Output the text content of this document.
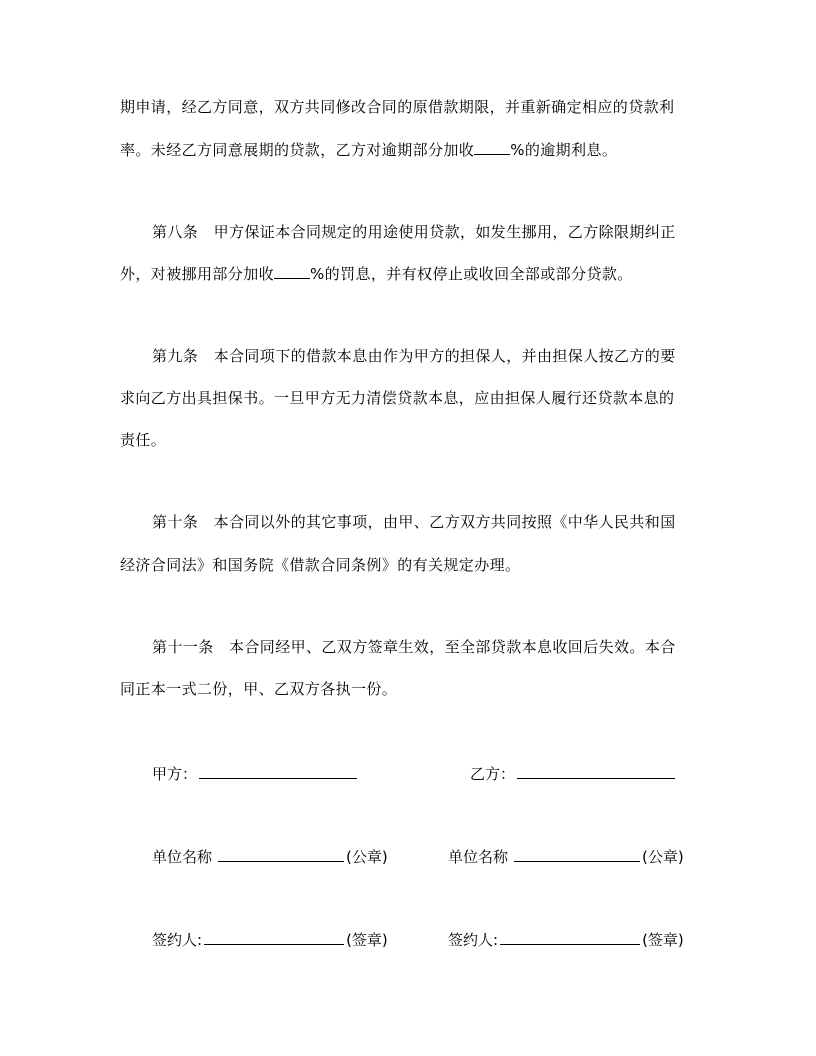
期申请，经乙方同意，双方共同修改合同的原借款期限，并重新确定相应的贷款利
率。未经乙方同意展期的贷款，乙方对逾期部分加收 %的逾期利息。
第八条　甲方保证本合同规定的用途使用贷款，如发生挪用，乙方除限期纠正
外，对被挪用部分加收 %的罚息，并有权停止或收回全部或部分贷款。
第九条　本合同项下的借款本息由作为甲方的担保人，并由担保人按乙方的要
求向乙方出具担保书。一旦甲方无力清偿贷款本息，应由担保人履行还贷款本息的
责任。
第十条　本合同以外的其它事项，由甲、乙方双方共同按照《中华人民共和国
经济合同法》和国务院《借款合同条例》的有关规定办理。
第十一条　本合同经甲、乙双方签章生效，至全部贷款本息收回后失效。本合
同正本一式二份，甲、乙双方各执一份。
甲方：	乙方：
单位名称	(公章)	单位名称	(公章)
签约人:	(签章)	签约人:	(签章)
